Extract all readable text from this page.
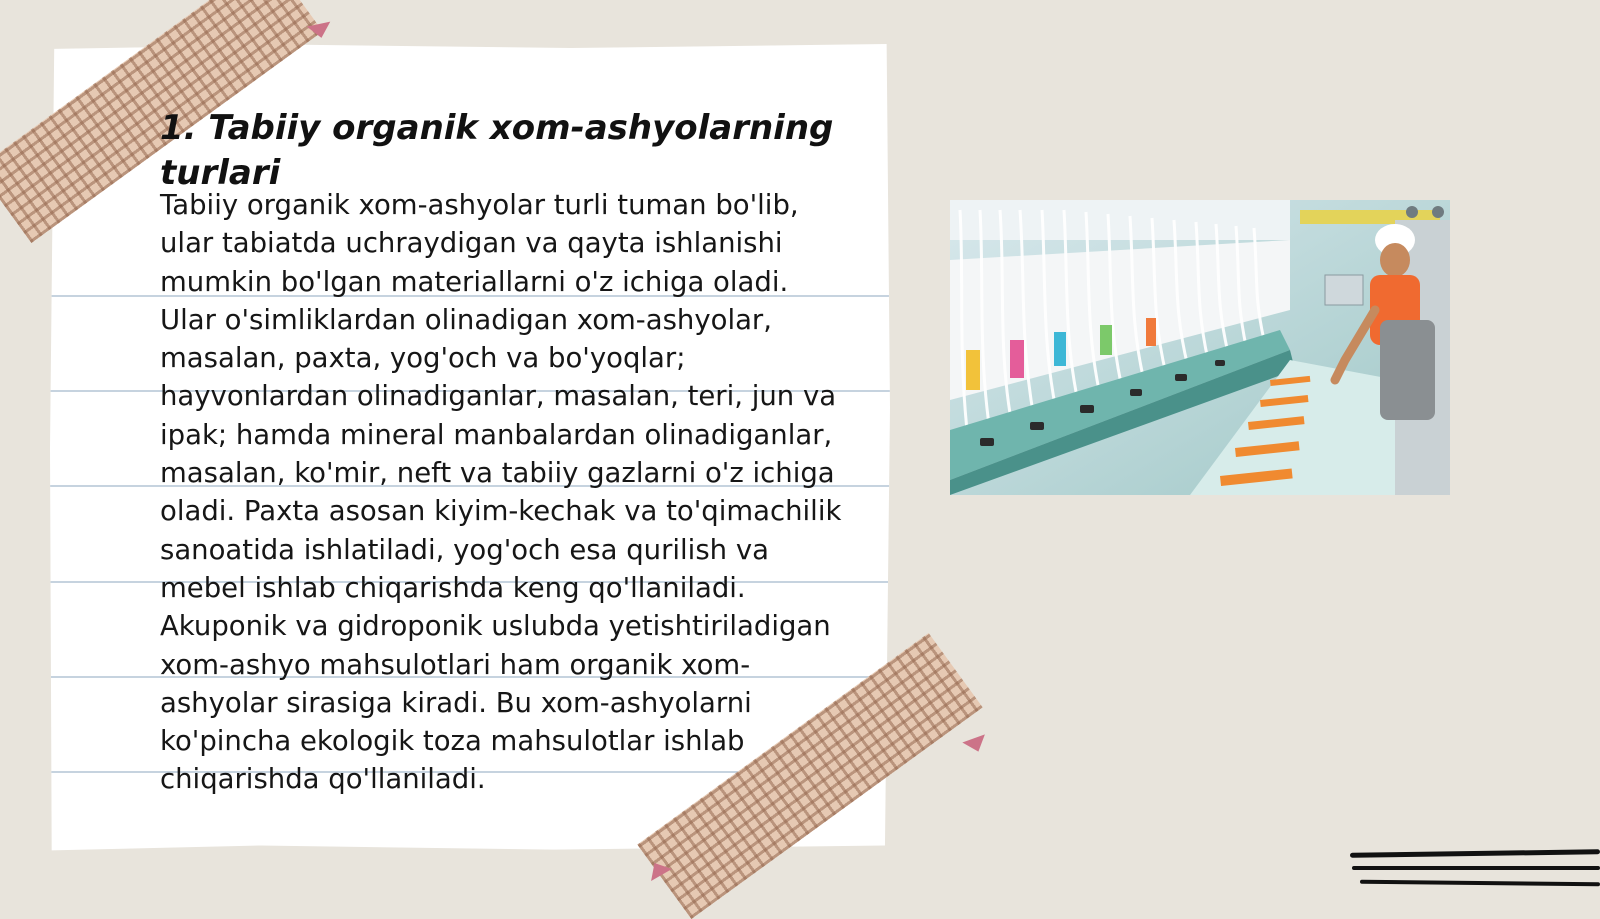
1. Tabiiy organik xom-ashyolarning turlari

Tabiiy organik xom-ashyolar turli tuman bo'lib, ular tabiatda uchraydigan va qayta ishlanishi mumkin bo'lgan materiallarni o'z ichiga oladi. Ular o'simliklardan olinadigan xom-ashyolar, masalan, paxta, yog'och va bo'yoqlar; hayvonlardan olinadiganlar, masalan, teri, jun va ipak; hamda mineral manbalardan olinadiganlar, masalan, ko'mir, neft va tabiiy gazlarni o'z ichiga oladi. Paxta asosan kiyim-kechak va to'qimachilik sanoatida ishlatiladi, yog'och esa qurilish va mebel ishlab chiqarishda keng qo'llaniladi. Akuponik va gidroponik uslubda yetishtiriladigan xom-ashyo mahsulotlari ham organik xom-ashyolar sirasiga kiradi. Bu xom-ashyolarni ko'pincha ekologik toza mahsulotlar ishlab chiqarishda qo'llaniladi.
